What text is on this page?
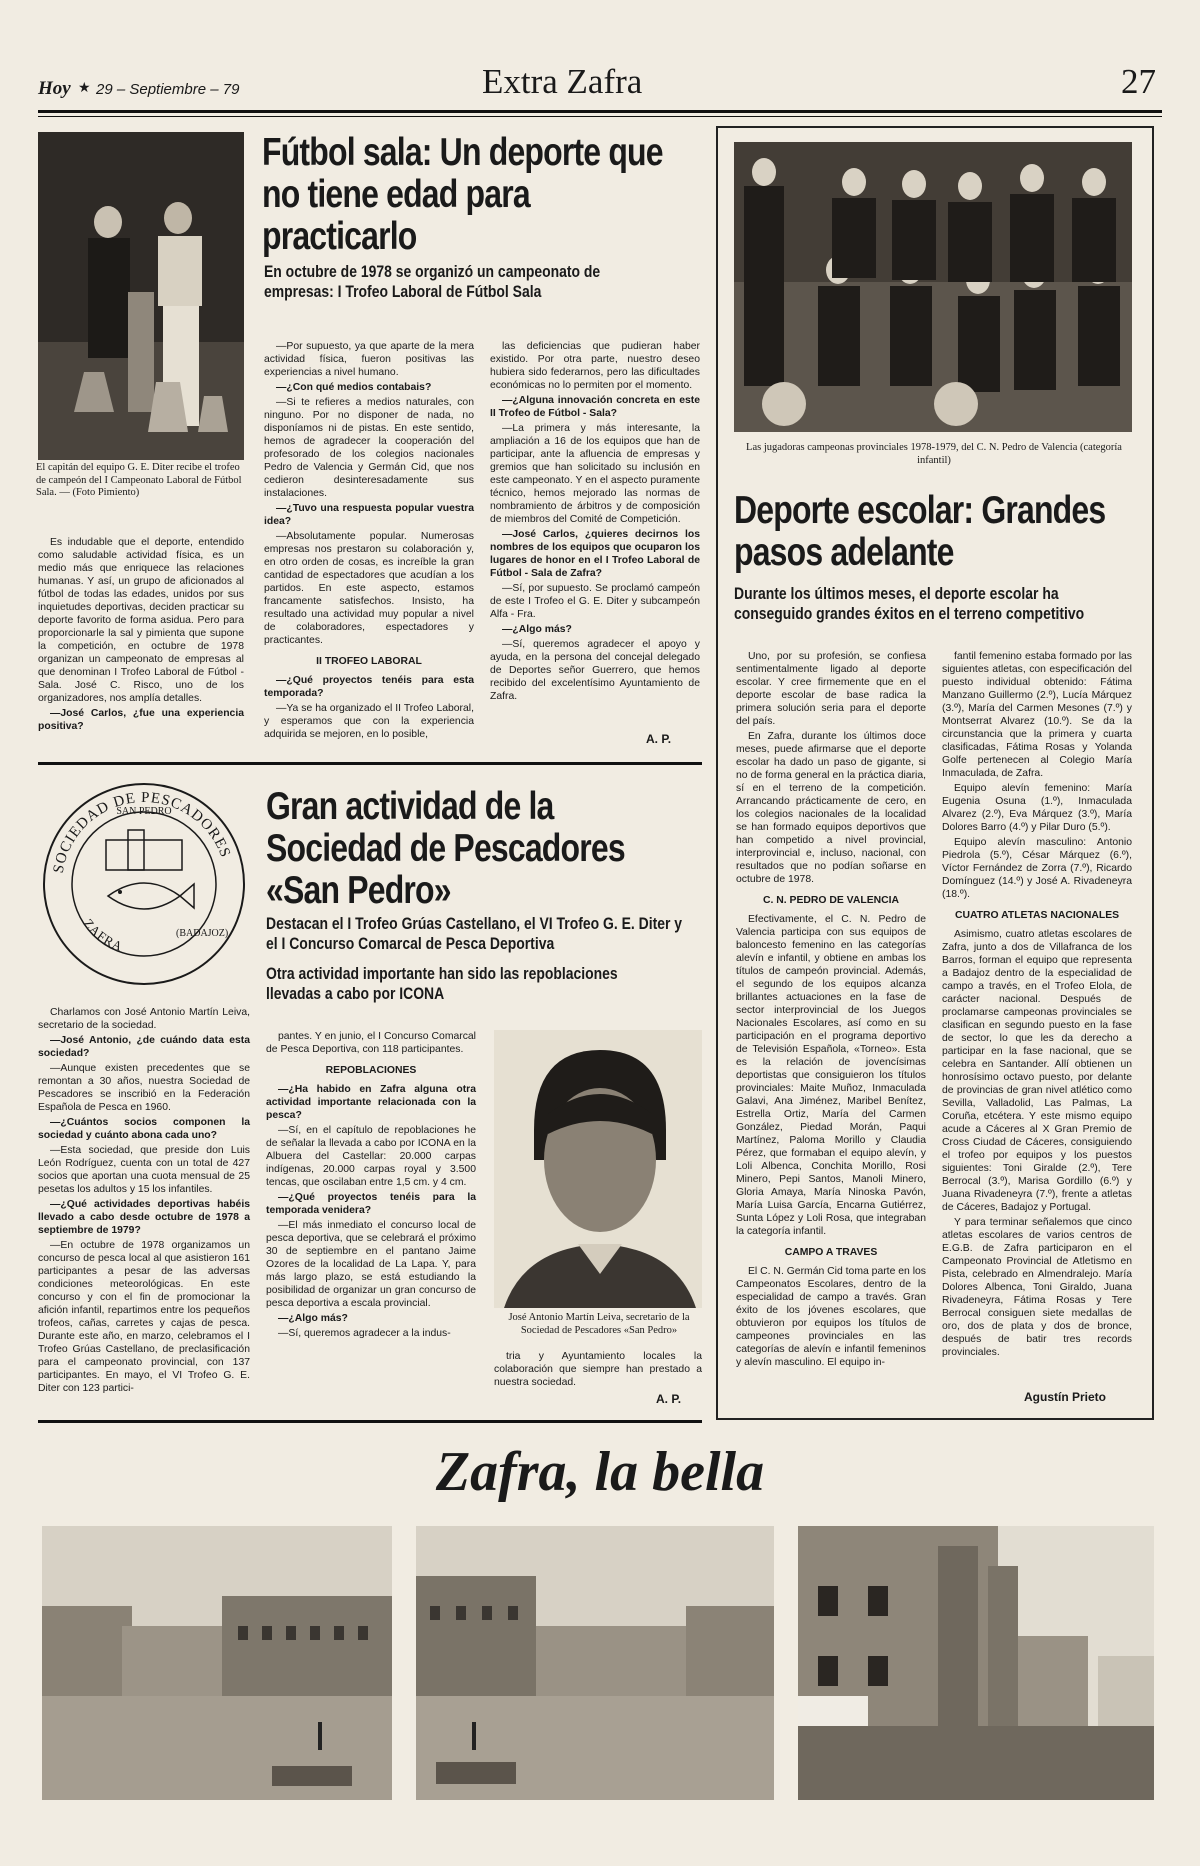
Hoy ★ 29 – Septiembre – 79	Extra Zafra	27
El capitán del equipo G. E. Diter recibe el trofeo de campeón del I Campeonato Laboral de Fútbol Sala. — (Foto Pimiento)
Fútbol sala: Un deporte que no tiene edad para practicarlo
En octubre de 1978 se organizó un campeonato de empresas: I Trofeo Laboral de Fútbol Sala

Es indudable que el deporte, entendido como saludable actividad física, es un medio más que enriquece las relaciones humanas. Y así, un grupo de aficionados al fútbol de todas las edades, unidos por sus inquietudes deportivas, deciden practicar su deporte favorito de forma asidua. Pero para proporcionarle la sal y pimienta que supone la competición, en octubre de 1978 organizan un campeonato de empresas al que denominan I Trofeo Laboral de Fútbol - Sala. José C. Risco, uno de los organizadores, nos amplía detalles.

—José Carlos, ¿fue una experiencia positiva?

—Por supuesto, ya que aparte de la mera actividad física, fueron positivas las experiencias a nivel humano.

—¿Con qué medios contabais?

—Si te refieres a medios naturales, con ninguno. Por no disponer de nada, no disponíamos ni de pistas. En este sentido, hemos de agradecer la cooperación del profesorado de los colegios nacionales Pedro de Valencia y Germán Cid, que nos cedieron desinteresadamente sus instalaciones.

—¿Tuvo una respuesta popular vuestra idea?

—Absolutamente popular. Numerosas empresas nos prestaron su colaboración y, en otro orden de cosas, es increíble la gran cantidad de espectadores que acudían a los partidos. En este aspecto, estamos francamente satisfechos. Insisto, ha resultado una actividad muy popular a nivel de colaboradores, espectadores y practicantes.

II TROFEO LABORAL

—¿Qué proyectos tenéis para esta temporada?

—Ya se ha organizado el II Trofeo Laboral, y esperamos que con la experiencia adquirida se mejoren, en lo posible,

las deficiencias que pudieran haber existido. Por otra parte, nuestro deseo hubiera sido federarnos, pero las dificultades económicas no lo permiten por el momento.

—¿Alguna innovación concreta en este II Trofeo de Fútbol - Sala?

—La primera y más interesante, la ampliación a 16 de los equipos que han de participar, ante la afluencia de empresas y gremios que han solicitado su inclusión en este campeonato. Y en el aspecto puramente técnico, hemos mejorado las normas de nombramiento de árbitros y de composición de miembros del Comité de Competición.

—José Carlos, ¿quieres decirnos los nombres de los equipos que ocuparon los lugares de honor en el I Trofeo Laboral de Fútbol - Sala de Zafra?

—Sí, por supuesto. Se proclamó campeón de este I Trofeo el G. E. Diter y subcampeón Alfa - Fra.

—¿Algo más?

—Sí, queremos agradecer el apoyo y ayuda, en la persona del concejal delegado de Deportes señor Guerrero, que hemos recibido del excelentísimo Ayuntamiento de Zafra.

A. P.
Las jugadoras campeonas provinciales 1978-1979, del C. N. Pedro de Valencia (categoría infantil)
Deporte escolar: Grandes pasos adelante
Durante los últimos meses, el deporte escolar ha conseguido grandes éxitos en el terreno competitivo

Uno, por su profesión, se confiesa sentimentalmente ligado al deporte escolar. Y cree firmemente que en el deporte escolar de base radica la primera solución seria para el deporte del país.

En Zafra, durante los últimos doce meses, puede afirmarse que el deporte escolar ha dado un paso de gigante, si no de forma general en la práctica diaria, sí en el terreno de la competición. Arrancando prácticamente de cero, en los colegios nacionales de la localidad se han formado equipos deportivos que han competido a nivel provincial, interprovincial e, incluso, nacional, con resultados que no podían soñarse en octubre de 1978.

C. N. PEDRO DE VALENCIA

Efectivamente, el C. N. Pedro de Valencia participa con sus equipos de baloncesto femenino en las categorías alevín e infantil, y obtiene en ambas los títulos de campeón provincial. Además, el segundo de los equipos alcanza brillantes actuaciones en la fase de sector interprovincial de los Juegos Nacionales Escolares, así como en su participación en el programa deportivo de Televisión Española, «Torneo». Esta es la relación de jovencísimas deportistas que consiguieron los títulos provinciales: Maite Muñoz, Inmaculada Galavi, Ana Jiménez, Maribel Benítez, Estrella Ortiz, María del Carmen González, Piedad Morán, Paqui Martínez, Paloma Morillo y Claudia Pérez, que formaban el equipo alevín, y Loli Albenca, Conchita Morillo, Rosi Minero, Pepi Santos, Manoli Minero, Gloria Amaya, María Ninoska Pavón, María Luisa García, Encarna Gutiérrez, Sunta López y Loli Rosa, que integraban la categoría infantil.

CAMPO A TRAVES

El C. N. Germán Cid toma parte en los Campeonatos Escolares, dentro de la especialidad de campo a través. Gran éxito de los jóvenes escolares, que obtuvieron por equipos los títulos de campeones provinciales en las categorías de alevín e infantil femeninos y alevín masculino. El equipo in-

fantil femenino estaba formado por las siguientes atletas, con especificación del puesto individual obtenido: Fátima Manzano Guillermo (2.º), Lucía Márquez (3.º), María del Carmen Mesones (7.º) y Montserrat Alvarez (10.º). Se da la circunstancia que la primera y cuarta clasificadas, Fátima Rosas y Yolanda Golfe pertenecen al Colegio María Inmaculada, de Zafra.

Equipo alevín femenino: María Eugenia Osuna (1.º), Inmaculada Alvarez (2.º), Eva Márquez (3.º), María Dolores Barro (4.º) y Pilar Duro (5.º).

Equipo alevín masculino: Antonio Piedrola (5.º), César Márquez (6.º), Víctor Fernández de Zorra (7.º), Ricardo Domínguez (14.º) y José A. Rivadeneyra (18.º).

CUATRO ATLETAS NACIONALES

Asimismo, cuatro atletas escolares de Zafra, junto a dos de Villafranca de los Barros, forman el equipo que representa a Badajoz dentro de la especialidad de campo a través, en el Trofeo Elola, de carácter nacional. Después de proclamarse campeonas provinciales se clasifican en segundo puesto en la fase de sector, lo que les da derecho a participar en la fase nacional, que se celebra en Santander. Allí obtienen un honrosísimo octavo puesto, por delante de provincias de gran nivel atlético como Sevilla, Valladolid, Las Palmas, La Coruña, etcétera. Y este mismo equipo acude a Cáceres al X Gran Premio de Cross Ciudad de Cáceres, consiguiendo el trofeo por equipos y los puestos siguientes: Toni Giralde (2.º), Tere Berrocal (3.º), Marisa Gordillo (6.º) y Juana Rivadeneyra (7.º), frente a atletas de Cáceres, Badajoz y Portugal.

Y para terminar señalemos que cinco atletas escolares de varios centros de E.G.B. de Zafra participaron en el Campeonato Provincial de Atletismo en Pista, celebrado en Almendralejo. María Dolores Albenca, Toni Giraldo, Juana Rivadeneyra, Fátima Rosas y Tere Berrocal consiguen siete medallas de oro, dos de plata y dos de bronce, después de batir tres records provinciales.

Agustín Prieto
SOCIEDAD DE PESCADORES
ZAFRA
(BADAJOZ)
SAN PEDRO Gran actividad de la Sociedad de Pescadores «San Pedro»
Destacan el I Trofeo Grúas Castellano, el VI Trofeo G. E. Diter y el I Concurso Comarcal de Pesca Deportiva
Otra actividad importante han sido las repoblaciones llevadas a cabo por ICONA

Charlamos con José Antonio Martín Leiva, secretario de la sociedad.

—José Antonio, ¿de cuándo data esta sociedad?

—Aunque existen precedentes que se remontan a 30 años, nuestra Sociedad de Pescadores se inscribió en la Federación Española de Pesca en 1960.

—¿Cuántos socios componen la sociedad y cuánto abona cada uno?

—Esta sociedad, que preside don Luis León Rodríguez, cuenta con un total de 427 socios que aportan una cuota mensual de 25 pesetas los adultos y 15 los infantiles.

—¿Qué actividades deportivas habéis llevado a cabo desde octubre de 1978 a septiembre de 1979?

—En octubre de 1978 organizamos un concurso de pesca local al que asistieron 161 participantes a pesar de las adversas condiciones meteorológicas. En este concurso y con el fin de promocionar la afición infantil, repartimos entre los pequeños trofeos, cañas, carretes y cajas de pesca. Durante este año, en marzo, celebramos el I Trofeo Grúas Castellano, de preclasificación para el campeonato provincial, con 137 participantes. En mayo, el VI Trofeo G. E. Diter con 123 partici-

pantes. Y en junio, el I Concurso Comarcal de Pesca Deportiva, con 118 participantes.

REPOBLACIONES

—¿Ha habido en Zafra alguna otra actividad importante relacionada con la pesca?

—Sí, en el capítulo de repoblaciones he de señalar la llevada a cabo por ICONA en la Albuera del Castellar: 20.000 carpas indígenas, 20.000 carpas royal y 3.500 tencas, que oscilaban entre 1,5 cm. y 4 cm.

—¿Qué proyectos tenéis para la temporada venidera?

—El más inmediato el concurso local de pesca deportiva, que se celebrará el próximo 30 de septiembre en el pantano Jaime Ozores de la localidad de La Lapa. Y, para más largo plazo, se está estudiando la posibilidad de organizar un gran concurso de pesca deportiva a escala provincial.

—¿Algo más?

—Sí, queremos agradecer a la indus-

José Antonio Martín Leiva, secretario de la Sociedad de Pescadores «San Pedro»

tria y Ayuntamiento locales la colaboración que siempre han prestado a nuestra sociedad.

A. P.
Zafra, la bella
